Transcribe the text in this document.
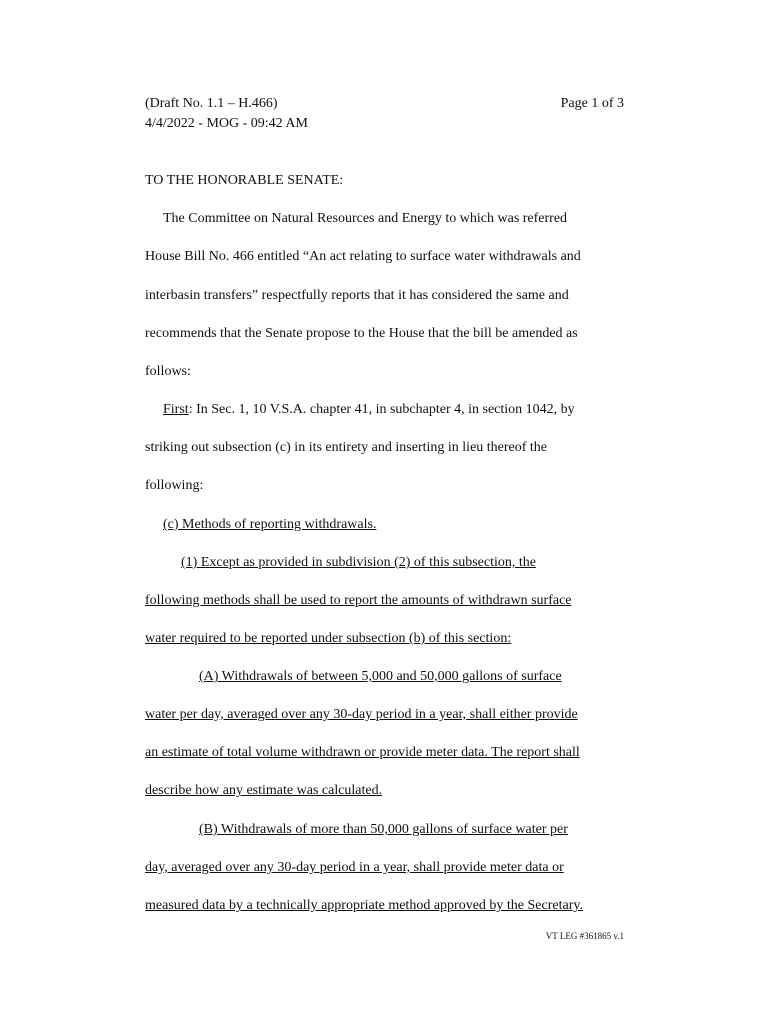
(Draft No. 1.1 – H.466)	Page 1 of 3
4/4/2022 - MOG - 09:42 AM
TO THE HONORABLE SENATE:
The Committee on Natural Resources and Energy to which was referred
House Bill No. 466 entitled “An act relating to surface water withdrawals and
interbasin transfers” respectfully reports that it has considered the same and
recommends that the Senate propose to the House that the bill be amended as
follows:
First: In Sec. 1, 10 V.S.A. chapter 41, in subchapter 4, in section 1042, by
striking out subsection (c) in its entirety and inserting in lieu thereof the
following:
(c) Methods of reporting withdrawals.
(1) Except as provided in subdivision (2) of this subsection, the
following methods shall be used to report the amounts of withdrawn surface
water required to be reported under subsection (b) of this section:
(A) Withdrawals of between 5,000 and 50,000 gallons of surface
water per day, averaged over any 30-day period in a year, shall either provide
an estimate of total volume withdrawn or provide meter data. The report shall
describe how any estimate was calculated.
(B) Withdrawals of more than 50,000 gallons of surface water per
day, averaged over any 30-day period in a year, shall provide meter data or
measured data by a technically appropriate method approved by the Secretary.
VT LEG #361865 v.1
